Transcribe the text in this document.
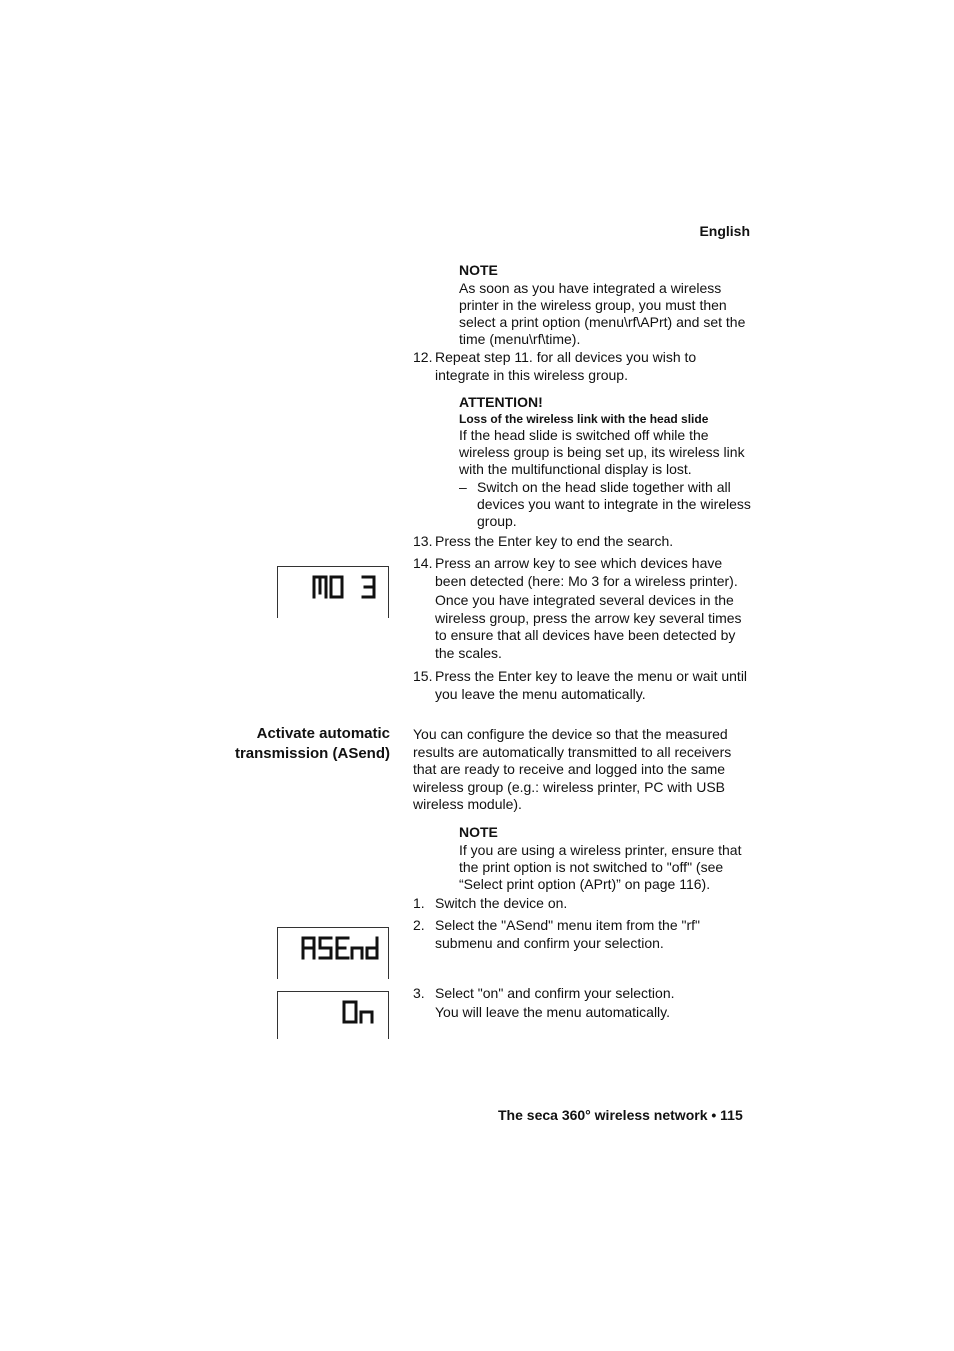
English
NOTE
As soon as you have integrated a wireless printer in the wireless group, you must then select a print option (menu\rf\APrt) and set the time (menu\rf\time).
12. Repeat step 11. for all devices you wish to integrate in this wireless group.
ATTENTION!
Loss of the wireless link with the head slide
If the head slide is switched off while the wireless group is being set up, its wireless link with the multifunctional display is lost.
– Switch on the head slide together with all devices you want to integrate in the wireless group.
13. Press the Enter key to end the search.
14. Press an arrow key to see which devices have been detected (here: Mo 3 for a wireless printer).
Once you have integrated several devices in the wireless group, press the arrow key several times to ensure that all devices have been detected by the scales.
15. Press the Enter key to leave the menu or wait until you leave the menu automatically.
Activate automatic
transmission (ASend)
You can configure the device so that the measured results are automatically transmitted to all receivers that are ready to receive and logged into the same wireless group (e.g.: wireless printer, PC with USB wireless module).
NOTE
If you are using a wireless printer, ensure that the print option is not switched to "off" (see “Select print option (APrt)” on page 116).
1. Switch the device on.
2. Select the "ASend" menu item from the "rf" submenu and confirm your selection.
3. Select "on" and confirm your selection.
You will leave the menu automatically.
MO 3
ASEnd
On
The seca 360° wireless network • 115
